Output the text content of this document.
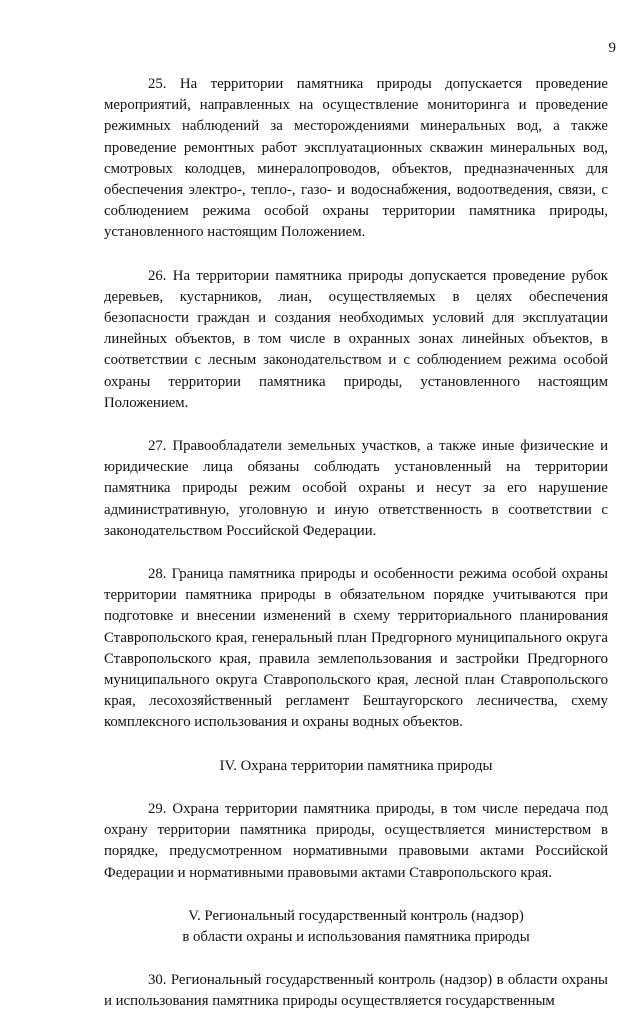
9

25. На территории памятника природы допускается проведение мероприятий, направленных на осуществление мониторинга и проведение режимных наблюдений за месторождениями минеральных вод, а также проведение ремонтных работ эксплуатационных скважин минеральных вод, смотровых колодцев, минералопроводов, объектов, предназначенных для обеспечения электро-, тепло-, газо- и водоснабжения, водоотведения, связи, с соблюдением режима особой охраны территории памятника природы, установленного настоящим Положением.

26. На территории памятника природы допускается проведение рубок деревьев, кустарников, лиан, осуществляемых в целях обеспечения безопасности граждан и создания необходимых условий для эксплуатации линейных объектов, в том числе в охранных зонах линейных объектов, в соответствии с лесным законодательством и с соблюдением режима особой охраны территории памятника природы, установленного настоящим Положением.

27. Правообладатели земельных участков, а также иные физические и юридические лица обязаны соблюдать установленный на территории памятника природы режим особой охраны и несут за его нарушение административную, уголовную и иную ответственность в соответствии с законодательством Российской Федерации.

28. Граница памятника природы и особенности режима особой охраны территории памятника природы в обязательном порядке учитываются при подготовке и внесении изменений в схему территориального планирования Ставропольского края, генеральный план Предгорного муниципального округа Ставропольского края, правила землепользования и застройки Предгорного муниципального округа Ставропольского края, лесной план Ставропольского края, лесохозяйственный регламент Бештаугорского лесничества, схему комплексного использования и охраны водных объектов.

IV. Охрана территории памятника природы

29. Охрана территории памятника природы, в том числе передача под охрану территории памятника природы, осуществляется министерством в порядке, предусмотренном нормативными правовыми актами Российской Федерации и нормативными правовыми актами Ставропольского края.

V. Региональный государственный контроль (надзор)
в области охраны и использования памятника природы

30. Региональный государственный контроль (надзор) в области охраны и использования памятника природы осуществляется государственным
